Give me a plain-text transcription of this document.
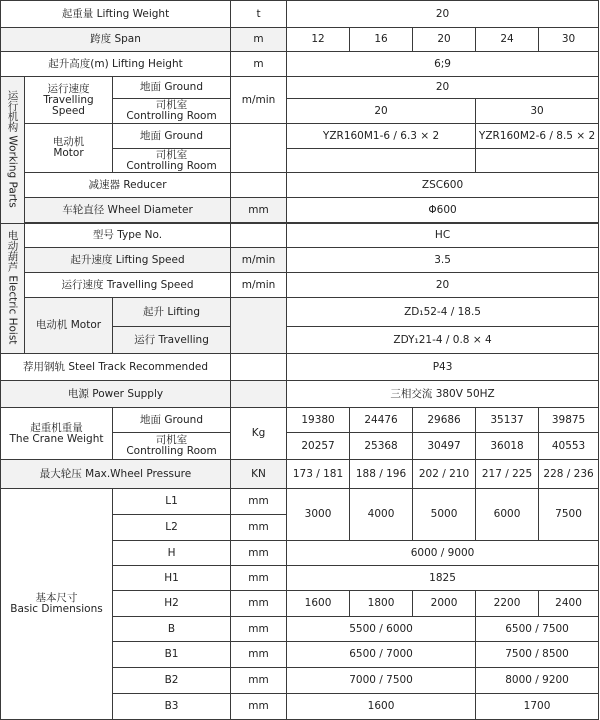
起重量 Lifting Weight			t	20				
跨度 Span			m	12	16	20	24	30
起升高度(m) Lifting Height			m	6;9				
运行机构 Working Parts	运行速度
Travelling
Speed	地面 Ground	m/min	20				
		司机室
Controlling Room		20			30	
	电动机
Motor	地面 Ground		YZR160M1-6 / 6.3 × 2			YZR160M2-6 / 8.5 × 2	
		司机室
Controlling Room						
	减速器 Reducer			ZSC600				
	车轮直径 Wheel Diameter		mm	Φ600				

电动葫芦 Electric Hoist	型号 Type No.			HC				
	起升速度 Lifting Speed		m/min	3.5				
	运行速度 Travelling Speed		m/min	20				
	电动机 Motor	起升 Lifting		ZD₁52-4 / 18.5				
		运行 Travelling		ZDY₁21-4 / 0.8 × 4				
荐用钢轨 Steel Track Recommended				P43				
电源 Power Supply				三相交流 380V 50HZ				
起重机重量
The Crane Weight		地面 Ground	Kg	19380	24476	29686	35137	39875
		司机室
Controlling Room		20257	25368	30497	36018	40553
最大轮压 Max.Wheel Pressure			KN	173 / 181	188 / 196	202 / 210	217 / 225	228 / 236
基本尺寸
Basic Dimensions		L1	mm	3000	4000	5000	6000	7500
		L2	mm					
		H	mm	6000 / 9000				
		H1	mm	1825				
		H2	mm	1600	1800	2000	2200	2400
		B	mm	5500 / 6000			6500 / 7500	
		B1	mm	6500 / 7000			7500 / 8500	
		B2	mm	7000 / 7500			8000 / 9200	
		B3	mm	1600			1700	
